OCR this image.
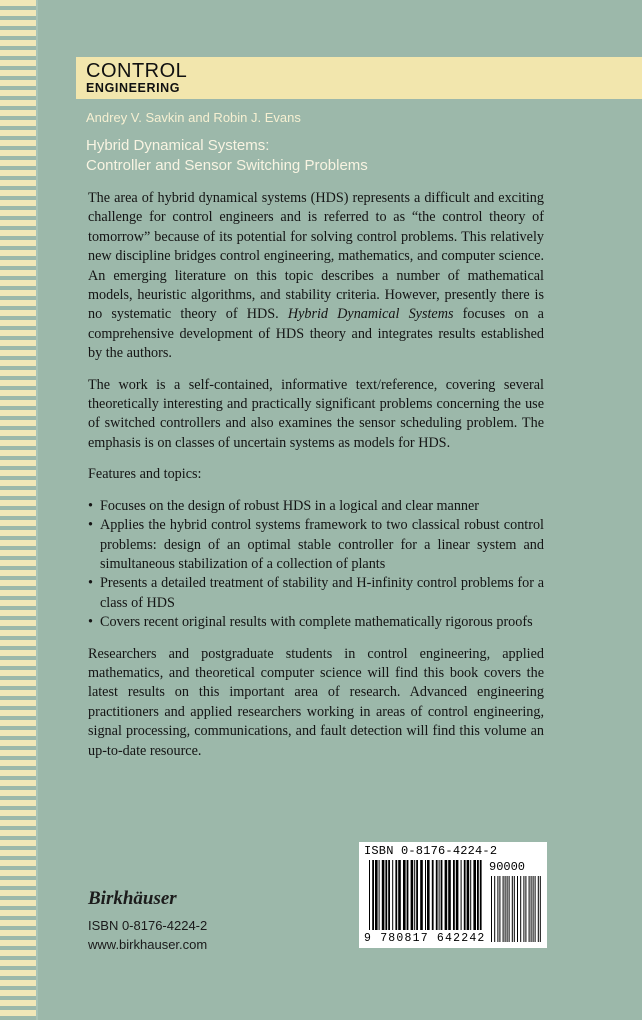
CONTROL
ENGINEERING
Andrey V. Savkin and Robin J. Evans
Hybrid Dynamical Systems:
Controller and Sensor Switching Problems

The area of hybrid dynamical systems (HDS) represents a difficult and exciting challenge for control engineers and is referred to as “the control theory of tomorrow” because of its potential for solving control problems. This relatively new discipline bridges control engineering, mathematics, and computer science. An emerging literature on this topic describes a number of mathematical models, heuristic algorithms, and stability criteria. However, presently there is no systematic theory of HDS. Hybrid Dynamical Systems focuses on a comprehensive development of HDS theory and integrates results established by the authors.

The work is a self-contained, informative text/reference, covering several theoretically interesting and practically significant problems concerning the use of switched controllers and also examines the sensor scheduling problem. The emphasis is on classes of uncertain systems as models for HDS.

Features and topics:

• Focuses on the design of robust HDS in a logical and clear manner
• Applies the hybrid control systems framework to two classical robust control problems: design of an optimal stable controller for a linear system and simultaneous stabilization of a collection of plants
• Presents a detailed treatment of stability and H-infinity control problems for a class of HDS
• Covers recent original results with complete mathematically rigorous proofs

Researchers and postgraduate students in control engineering, applied mathematics, and theoretical computer science will find this book covers the latest results on this important area of research. Advanced engineering practitioners and applied researchers working in areas of control engineering, signal processing, communications, and fault detection will find this volume an up-to-date resource.

Birkhäuser
ISBN 0-8176-4224-2
www.birkhauser.com
ISBN 0-8176-4224-2
90000
9 780817 642242
